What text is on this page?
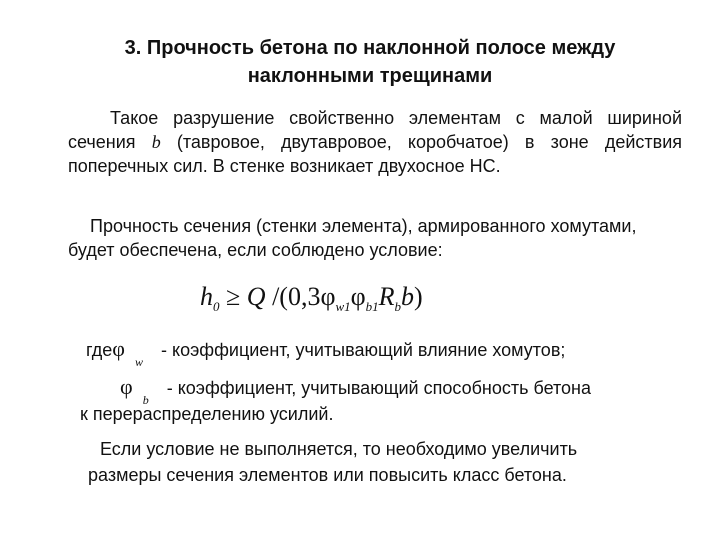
3. Прочность бетона по наклонной полосе между
наклонными трещинами
Такое разрушение свойственно элементам с малой шириной сечения b (тавровое, двутавровое, коробчатое) в зоне действия поперечных сил. В стенке возникает двухосное НС.
Прочность сечения (стенки элемента), армированного хомутами, будет обеспечена, если соблюдено условие:
$h_0 \ge Q$ $/(0,3\varphi_{w1}\varphi_{b1}R_bb)$
гдеφ$_w$- коэффициент, учитывающий влияние хомутов;
$\varphi_b-$ коэффициент, учитывающий способность бетона
к перераспределению усилий.
Если условие не выполняется, то необходимо увеличить
размеры сечения элементов или повысить класс бетона.
